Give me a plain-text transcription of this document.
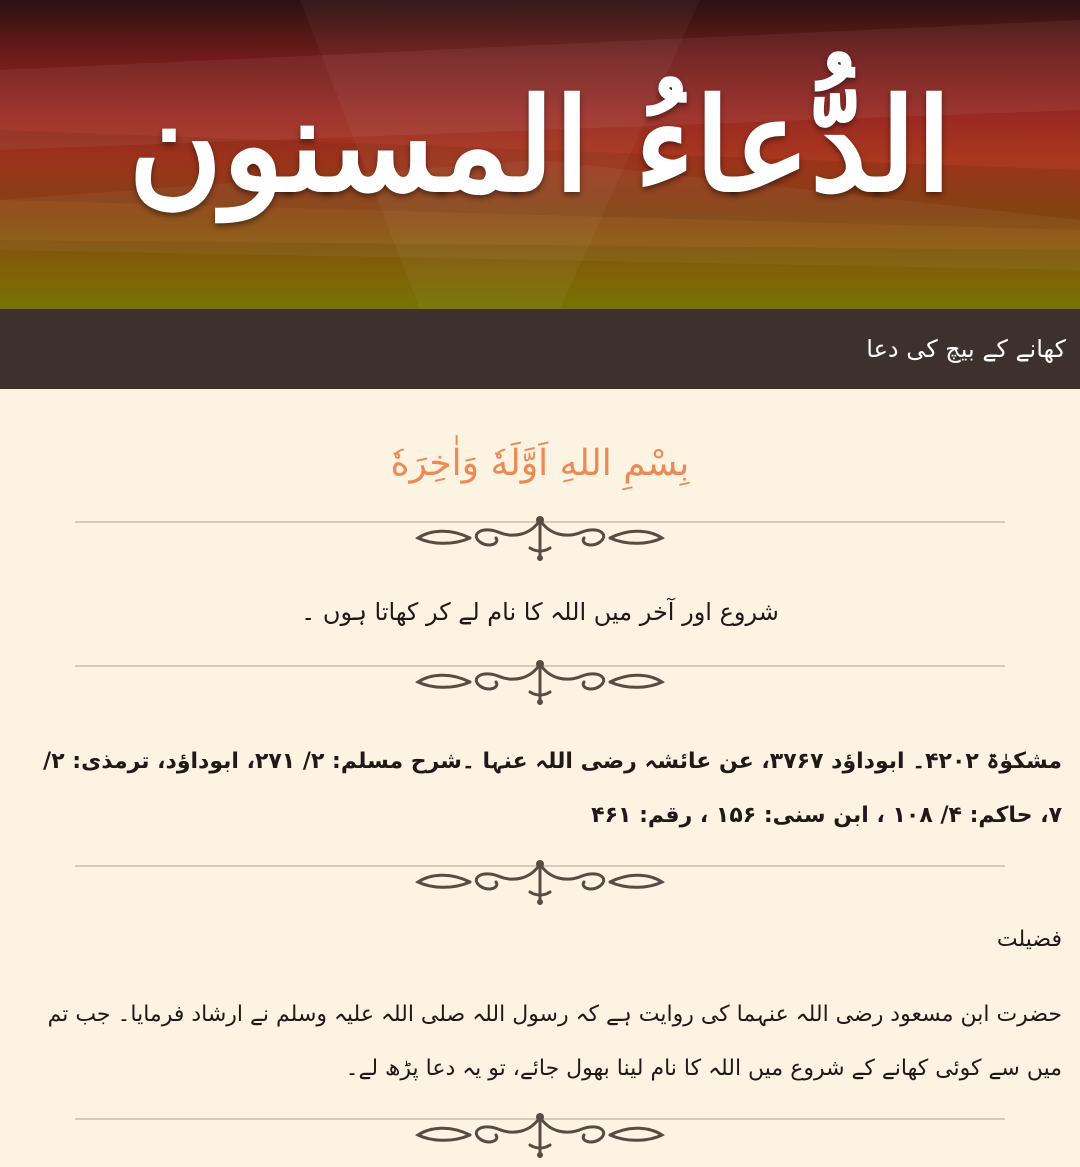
الدُّعاءُ المسنون
کھانے کے بیچ کی دعا

بِسْمِ اللهِ اَوَّلَهٗ وَاٰخِرَهٗ

شروع اور آخر میں اللہ کا نام لے کر کھاتا ہوں ۔

مشکوٰۃ ۴۲۰۲۔ ابوداؤد ۳۷۶۷، عن عائشہ رضی اللہ عنہا ۔شرح مسلم: ۲/ ۲۷۱، ابوداؤد، ترمذی: ۲/ ۷، حاکم: ۴/ ۱۰۸ ، ابن سنی: ۱۵۶ ، رقم: ۴۶۱

فضیلت

حضرت ابن مسعود رضی اللہ عنہما کی روایت ہے کہ رسول اللہ صلی اللہ علیہ وسلم نے ارشاد فرمایا۔ جب تم میں سے کوئی کھانے کے شروع میں اللہ کا نام لینا بھول جائے، تو یہ دعا پڑھ لے۔
